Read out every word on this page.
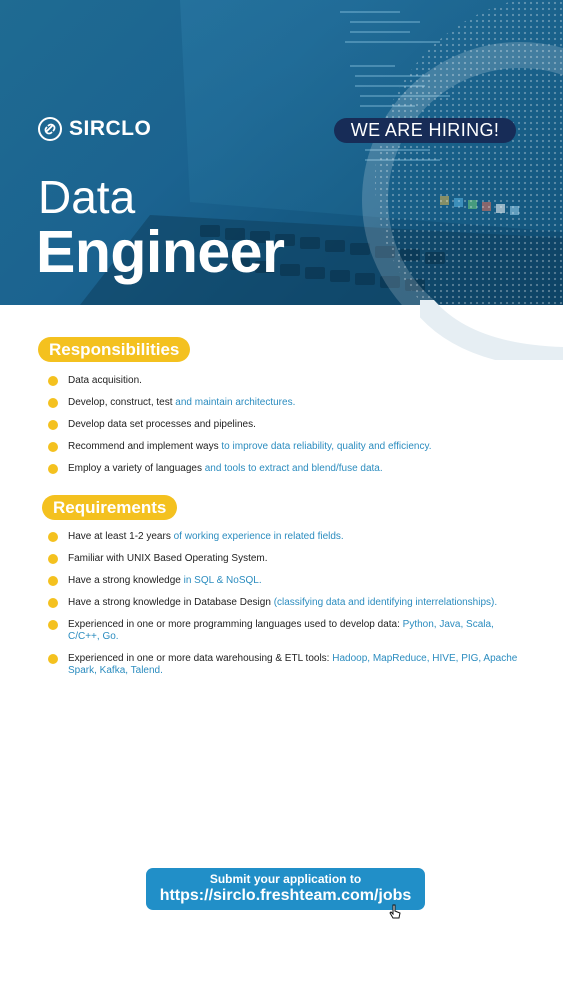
SIRCLO	WE ARE HIRING!
Data
Engineer
Responsibilities
Data acquisition.
Develop, construct, test and maintain architectures.
Develop data set processes and pipelines.
Recommend and implement ways to improve data reliability, quality and efficiency.
Employ a variety of languages and tools to extract and blend/fuse data.
Requirements
Have at least 1-2 years of working experience in related fields.
Familiar with UNIX Based Operating System.
Have a strong knowledge in SQL & NoSQL.
Have a strong knowledge in Database Design (classifying data and identifying interrelationships).
Experienced in one or more programming languages used to develop data: Python, Java, Scala, C/C++, Go.
Experienced in one or more data warehousing & ETL tools: Hadoop, MapReduce, HIVE, PIG, Apache Spark, Kafka, Talend.
Submit your application to
https://sirclo.freshteam.com/jobs
